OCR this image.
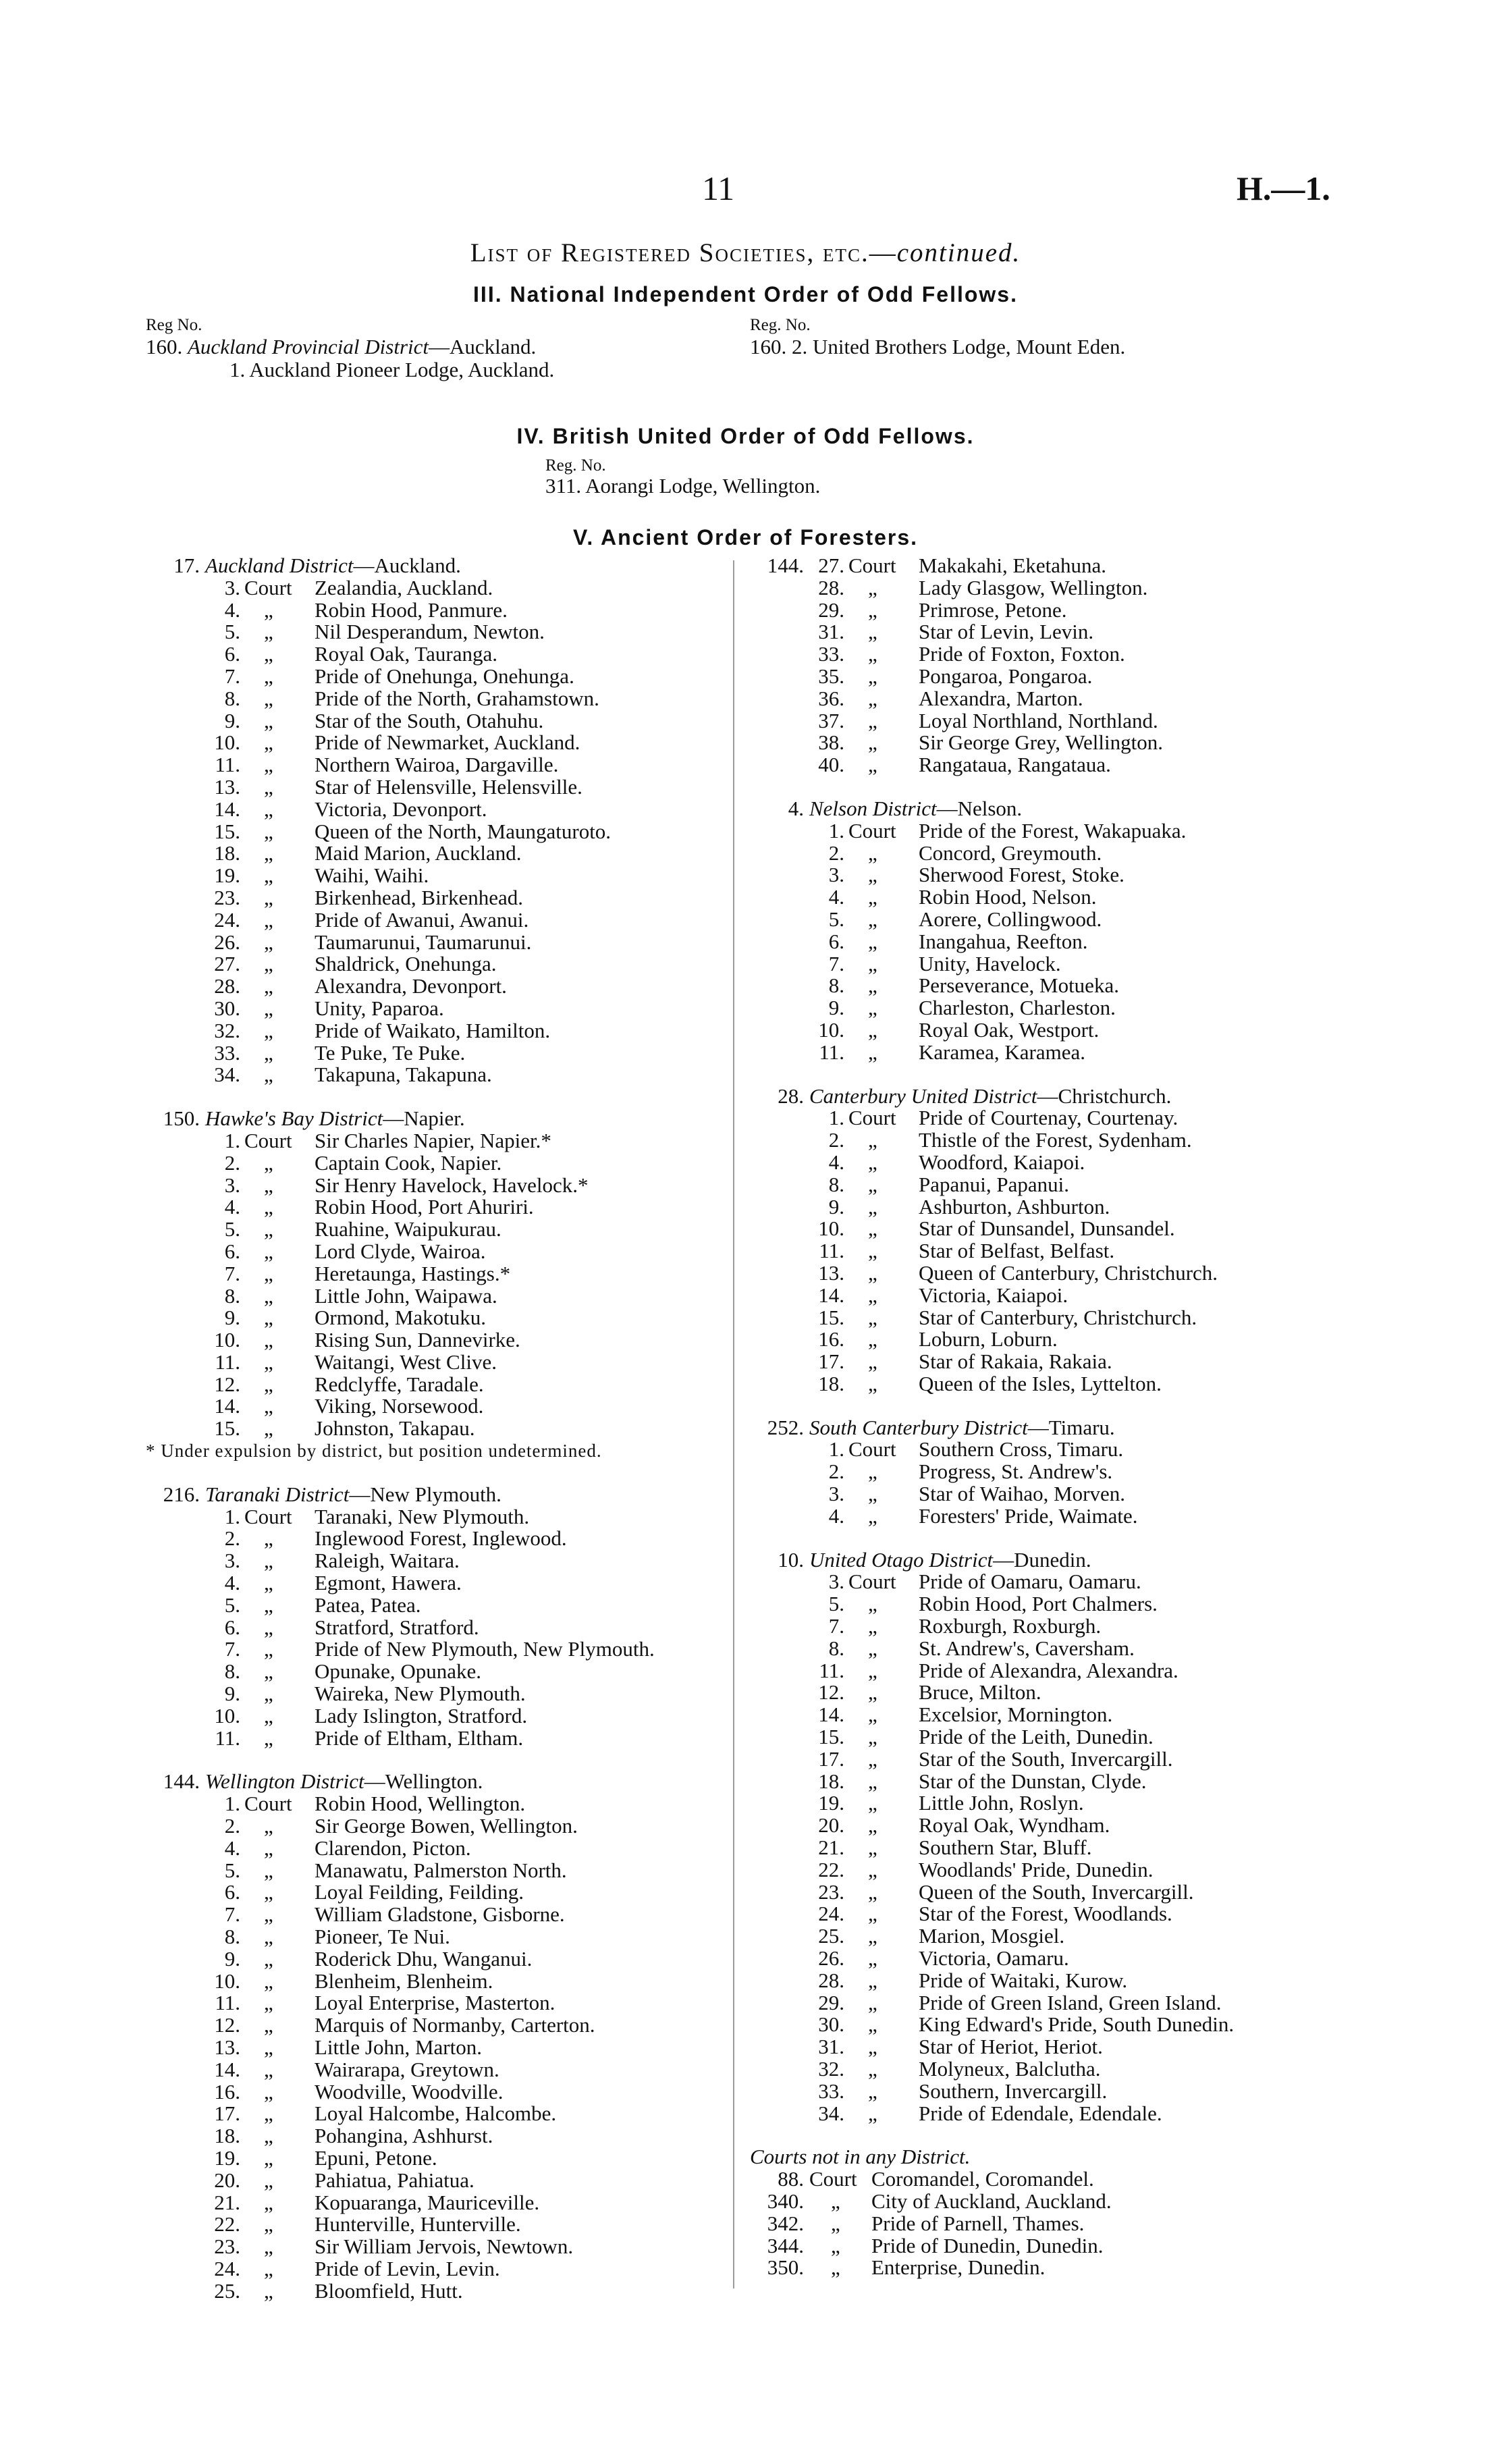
11	H.—1.
List of Registered Societies, etc.—continued.
III. National Independent Order of Odd Fellows.
Reg No.
160. Auckland Provincial District—Auckland.
1. Auckland Pioneer Lodge, Auckland.
Reg. No.
160. 2. United Brothers Lodge, Mount Eden.
IV. British United Order of Odd Fellows.
Reg. No.
311. Aorangi Lodge, Wellington.
V. Ancient Order of Foresters.
17. Auckland District—Auckland.
3. Court Zealandia, Auckland.
4. „ Robin Hood, Panmure.
5. „ Nil Desperandum, Newton.
6. „ Royal Oak, Tauranga.
7. „ Pride of Onehunga, Onehunga.
8. „ Pride of the North, Grahamstown.
9. „ Star of the South, Otahuhu.
10. „ Pride of Newmarket, Auckland.
11. „ Northern Wairoa, Dargaville.
13. „ Star of Helensville, Helensville.
14. „ Victoria, Devonport.
15. „ Queen of the North, Maungaturoto.
18. „ Maid Marion, Auckland.
19. „ Waihi, Waihi.
23. „ Birkenhead, Birkenhead.
24. „ Pride of Awanui, Awanui.
26. „ Taumarunui, Taumarunui.
27. „ Shaldrick, Onehunga.
28. „ Alexandra, Devonport.
30. „ Unity, Paparoa.
32. „ Pride of Waikato, Hamilton.
33. „ Te Puke, Te Puke.
34. „ Takapuna, Takapuna.
150. Hawke's Bay District—Napier.
1. Court Sir Charles Napier, Napier.*
2. „ Captain Cook, Napier.
3. „ Sir Henry Havelock, Havelock.*
4. „ Robin Hood, Port Ahuriri.
5. „ Ruahine, Waipukurau.
6. „ Lord Clyde, Wairoa.
7. „ Heretaunga, Hastings.*
8. „ Little John, Waipawa.
9. „ Ormond, Makotuku.
10. „ Rising Sun, Dannevirke.
11. „ Waitangi, West Clive.
12. „ Redclyffe, Taradale.
14. „ Viking, Norsewood.
15. „ Johnston, Takapau.
* Under expulsion by district, but position undetermined.
216. Taranaki District—New Plymouth.
1. Court Taranaki, New Plymouth.
2. „ Inglewood Forest, Inglewood.
3. „ Raleigh, Waitara.
4. „ Egmont, Hawera.
5. „ Patea, Patea.
6. „ Stratford, Stratford.
7. „ Pride of New Plymouth, New Plymouth.
8. „ Opunake, Opunake.
9. „ Waireka, New Plymouth.
10. „ Lady Islington, Stratford.
11. „ Pride of Eltham, Eltham.
144. Wellington District—Wellington.
1. Court Robin Hood, Wellington.
2. „ Sir George Bowen, Wellington.
4. „ Clarendon, Picton.
5. „ Manawatu, Palmerston North.
6. „ Loyal Feilding, Feilding.
7. „ William Gladstone, Gisborne.
8. „ Pioneer, Te Nui.
9. „ Roderick Dhu, Wanganui.
10. „ Blenheim, Blenheim.
11. „ Loyal Enterprise, Masterton.
12. „ Marquis of Normanby, Carterton.
13. „ Little John, Marton.
14. „ Wairarapa, Greytown.
16. „ Woodville, Woodville.
17. „ Loyal Halcombe, Halcombe.
18. „ Pohangina, Ashhurst.
19. „ Epuni, Petone.
20. „ Pahiatua, Pahiatua.
21. „ Kopuaranga, Mauriceville.
22. „ Hunterville, Hunterville.
23. „ Sir William Jervois, Newtown.
24. „ Pride of Levin, Levin.
25. „ Bloomfield, Hutt.
144. 27. Court Makakahi, Eketahuna.
28. „ Lady Glasgow, Wellington.
29. „ Primrose, Petone.
31. „ Star of Levin, Levin.
33. „ Pride of Foxton, Foxton.
35. „ Pongaroa, Pongaroa.
36. „ Alexandra, Marton.
37. „ Loyal Northland, Northland.
38. „ Sir George Grey, Wellington.
40. „ Rangataua, Rangataua.
4. Nelson District—Nelson.
1. Court Pride of the Forest, Wakapuaka.
2. „ Concord, Greymouth.
3. „ Sherwood Forest, Stoke.
4. „ Robin Hood, Nelson.
5. „ Aorere, Collingwood.
6. „ Inangahua, Reefton.
7. „ Unity, Havelock.
8. „ Perseverance, Motueka.
9. „ Charleston, Charleston.
10. „ Royal Oak, Westport.
11. „ Karamea, Karamea.
28. Canterbury United District—Christchurch.
1. Court Pride of Courtenay, Courtenay.
2. „ Thistle of the Forest, Sydenham.
4. „ Woodford, Kaiapoi.
8. „ Papanui, Papanui.
9. „ Ashburton, Ashburton.
10. „ Star of Dunsandel, Dunsandel.
11. „ Star of Belfast, Belfast.
13. „ Queen of Canterbury, Christchurch.
14. „ Victoria, Kaiapoi.
15. „ Star of Canterbury, Christchurch.
16. „ Loburn, Loburn.
17. „ Star of Rakaia, Rakaia.
18. „ Queen of the Isles, Lyttelton.
252. South Canterbury District—Timaru.
1. Court Southern Cross, Timaru.
2. „ Progress, St. Andrew's.
3. „ Star of Waihao, Morven.
4. „ Foresters' Pride, Waimate.
10. United Otago District—Dunedin.
3. Court Pride of Oamaru, Oamaru.
5. „ Robin Hood, Port Chalmers.
7. „ Roxburgh, Roxburgh.
8. „ St. Andrew's, Caversham.
11. „ Pride of Alexandra, Alexandra.
12. „ Bruce, Milton.
14. „ Excelsior, Mornington.
15. „ Pride of the Leith, Dunedin.
17. „ Star of the South, Invercargill.
18. „ Star of the Dunstan, Clyde.
19. „ Little John, Roslyn.
20. „ Royal Oak, Wyndham.
21. „ Southern Star, Bluff.
22. „ Woodlands' Pride, Dunedin.
23. „ Queen of the South, Invercargill.
24. „ Star of the Forest, Woodlands.
25. „ Marion, Mosgiel.
26. „ Victoria, Oamaru.
28. „ Pride of Waitaki, Kurow.
29. „ Pride of Green Island, Green Island.
30. „ King Edward's Pride, South Dunedin.
31. „ Star of Heriot, Heriot.
32. „ Molyneux, Balclutha.
33. „ Southern, Invercargill.
34. „ Pride of Edendale, Edendale.
Courts not in any District.
88. Court Coromandel, Coromandel.
340. „ City of Auckland, Auckland.
342. „ Pride of Parnell, Thames.
344. „ Pride of Dunedin, Dunedin.
350. „ Enterprise, Dunedin.
